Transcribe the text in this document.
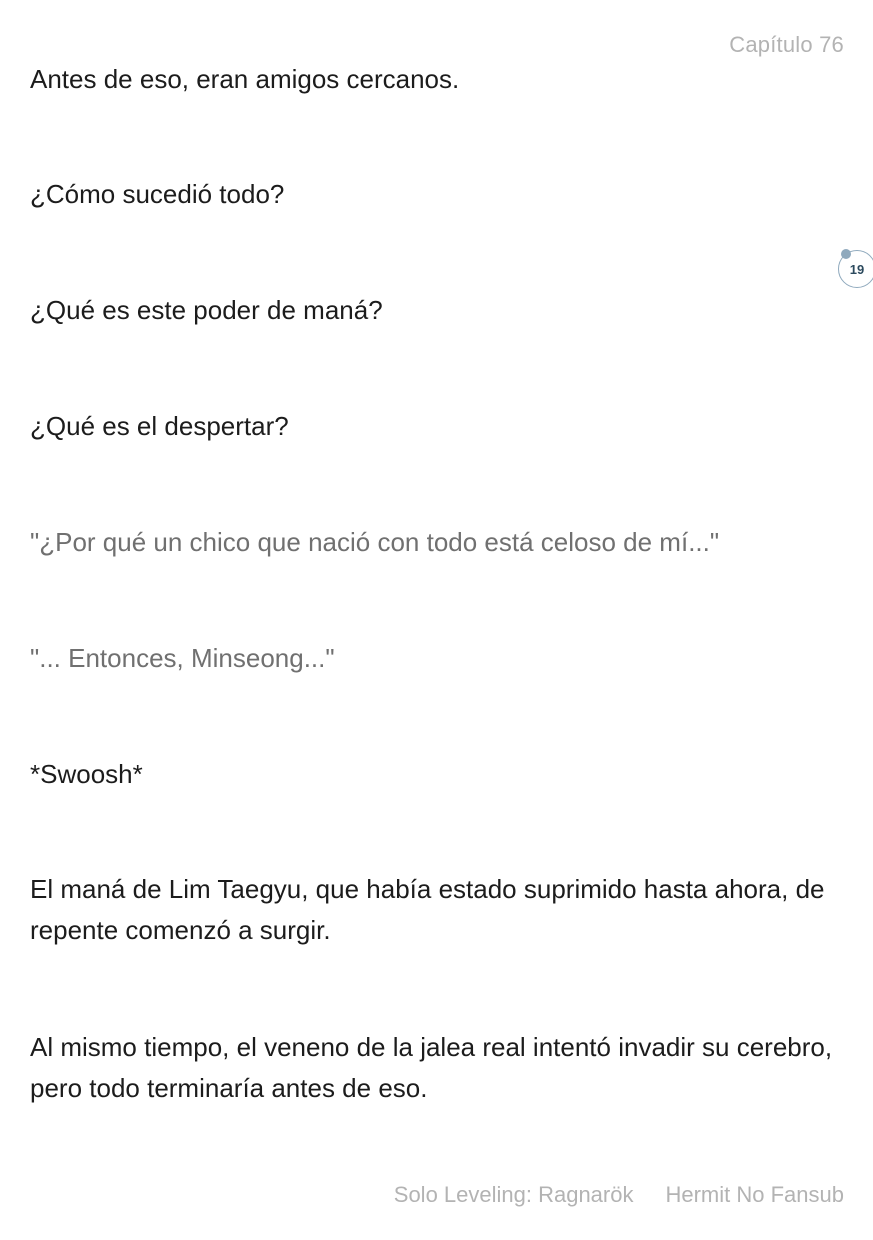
Capítulo 76

Antes de eso, eran amigos cercanos.

¿Cómo sucedió todo?

¿Qué es este poder de maná?

¿Qué es el despertar?

"¿Por qué un chico que nació con todo está celoso de mí..."

"... Entonces, Minseong..."

*Swoosh*

El maná de Lim Taegyu, que había estado suprimido hasta ahora, de repente comenzó a surgir.

Al mismo tiempo, el veneno de la jalea real intentó invadir su cerebro, pero todo terminaría antes de eso.

19
Solo Leveling: Ragnarök Hermit No Fansub
